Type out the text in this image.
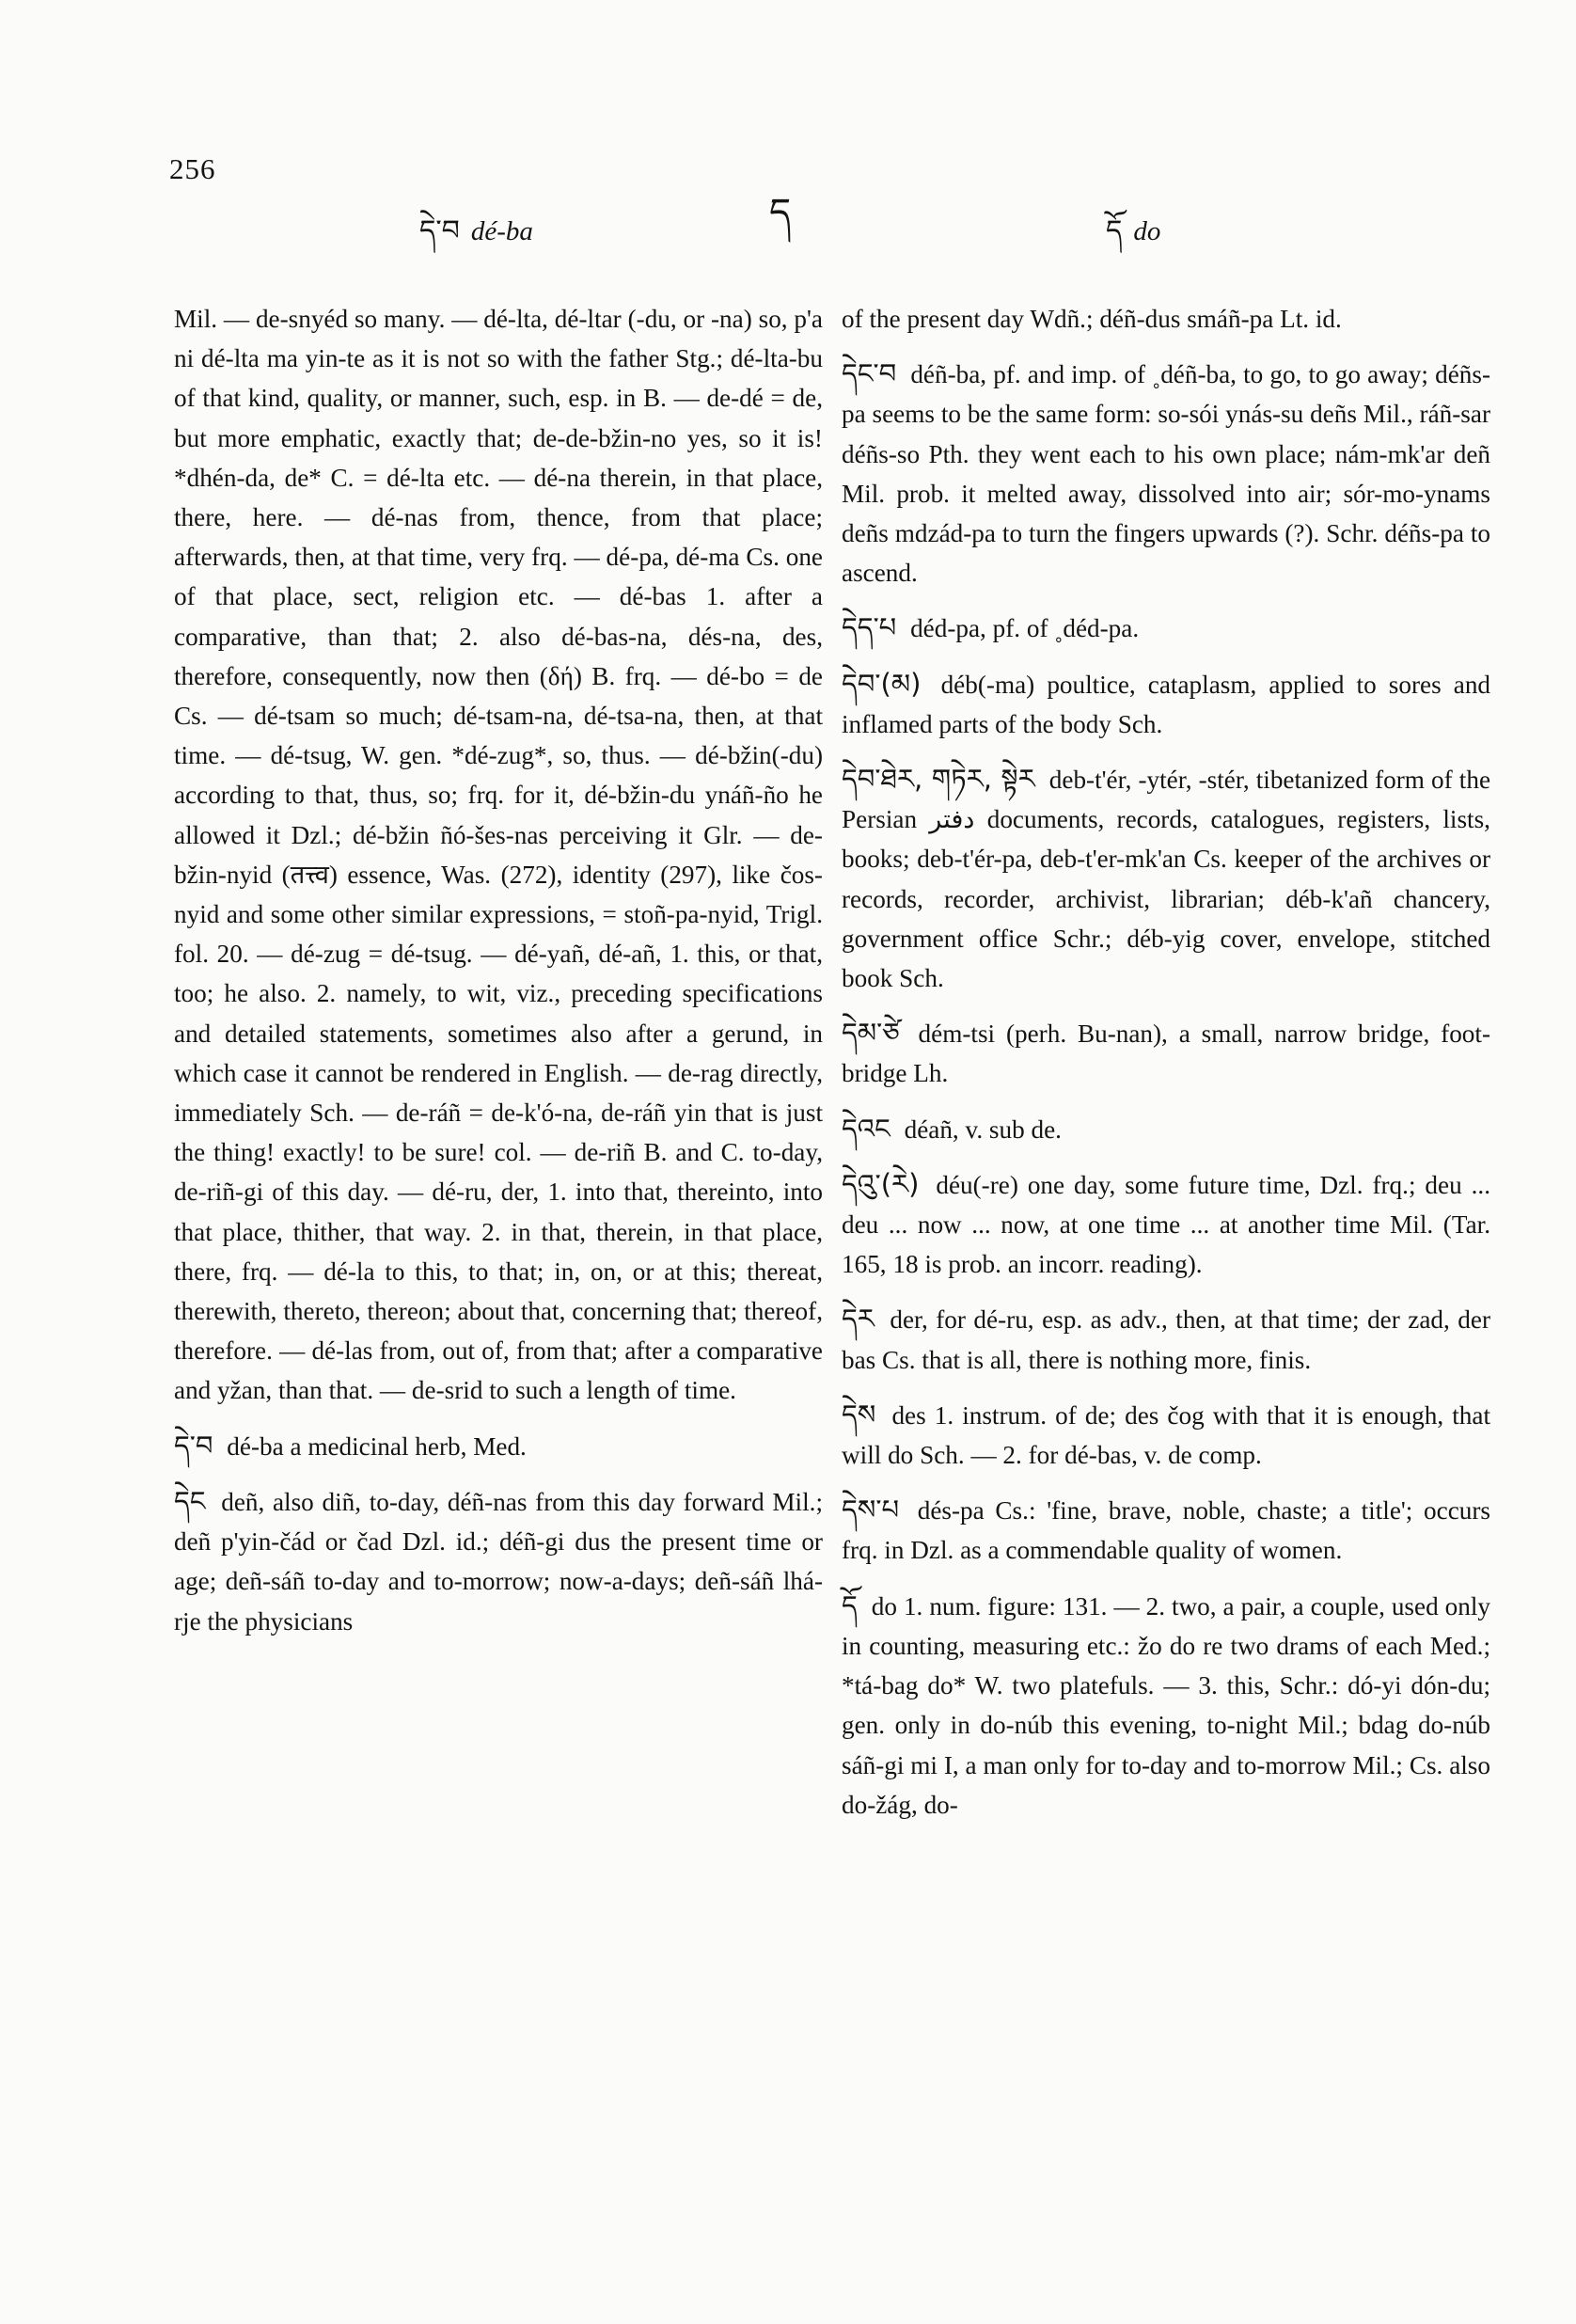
256
དེ་བ dé-ba	ད	དོ do

Mil. — de-snyéd so many. — dé-lta, dé-ltar (-du, or -na) so, p'a ni dé-lta ma yin-te as it is not so with the father Stg.; dé-lta-bu of that kind, quality, or manner, such, esp. in B. — de-dé = de, but more emphatic, exactly that; de-de-bžin-no yes, so it is! *dhén-da, de* C. = dé-lta etc. — dé-na therein, in that place, there, here. — dé-nas from, thence, from that place; afterwards, then, at that time, very frq. — dé-pa, dé-ma Cs. one of that place, sect, religion etc. — dé-bas 1. after a comparative, than that; 2. also dé-bas-na, dés-na, des, therefore, consequently, now then (δή) B. frq. — dé-bo = de Cs. — dé-tsam so much; dé-tsam-na, dé-tsa-na, then, at that time. — dé-tsug, W. gen. *dé-zug*, so, thus. — dé-bžin(-du) according to that, thus, so; frq. for it, dé-bžin-du ynáñ-ño he allowed it Dzl.; dé-bžin ñó-šes-nas perceiving it Glr. — de-bžin-nyid (तत्त्व) essence, Was. (272), identity (297), like čos-nyid and some other similar expressions, = stoñ-pa-nyid, Trigl. fol. 20. — dé-zug = dé-tsug. — dé-yañ, dé-añ, 1. this, or that, too; he also. 2. namely, to wit, viz., preceding specifications and detailed statements, sometimes also after a gerund, in which case it cannot be rendered in English. — de-rag directly, immediately Sch. — de-ráñ = de-k'ó-na, de-ráñ yin that is just the thing! exactly! to be sure! col. — de-riñ B. and C. to-day, de-riñ-gi of this day. — dé-ru, der, 1. into that, thereinto, into that place, thither, that way. 2. in that, therein, in that place, there, frq. — dé-la to this, to that; in, on, or at this; thereat, therewith, thereto, thereon; about that, concerning that; thereof, therefore. — dé-las from, out of, from that; after a comparative and yžan, than that. — de-srid to such a length of time.

དེ་བ dé-ba a medicinal herb, Med.

དེང deñ, also diñ, to-day, déñ-nas from this day forward Mil.; deñ p'yin-čád or čad Dzl. id.; déñ-gi dus the present time or age; deñ-sáñ to-day and to-morrow; now-a-days; deñ-sáñ lhá-rje the physicians

of the present day Wdñ.; déñ-dus smáñ-pa Lt. id.

དེང་བ déñ-ba, pf. and imp. of ˳déñ-ba, to go, to go away; déñs-pa seems to be the same form: so-sói ynás-su deñs Mil., ráñ-sar déñs-so Pth. they went each to his own place; nám-mk'ar deñ Mil. prob. it melted away, dissolved into air; sór-mo-ynams deñs mdzád-pa to turn the fingers upwards (?). Schr. déñs-pa to ascend.

དེད་པ déd-pa, pf. of ˳déd-pa.

དེབ་(མ) déb(-ma) poultice, cataplasm, applied to sores and inflamed parts of the body Sch.

དེབ་ཐེར, གཏེར, སྟེར deb-t'ér, -ytér, -stér, tibetanized form of the Persian دفتر documents, records, catalogues, registers, lists, books; deb-t'ér-pa, deb-t'er-mk'an Cs. keeper of the archives or records, recorder, archivist, librarian; déb-k'añ chancery, government office Schr.; déb-yig cover, envelope, stitched book Sch.

དེམ་ཙེ dém-tsi (perh. Bu-nan), a small, narrow bridge, foot-bridge Lh.

དེའང déañ, v. sub de.

དེའུ་(རེ) déu(-re) one day, some future time, Dzl. frq.; deu ... deu ... now ... now, at one time ... at another time Mil. (Tar. 165, 18 is prob. an incorr. reading).

དེར der, for dé-ru, esp. as adv., then, at that time; der zad, der bas Cs. that is all, there is nothing more, finis.

དེས des 1. instrum. of de; des čog with that it is enough, that will do Sch. — 2. for dé-bas, v. de comp.

དེས་པ dés-pa Cs.: 'fine, brave, noble, chaste; a title'; occurs frq. in Dzl. as a commendable quality of women.

དོ do 1. num. figure: 131. — 2. two, a pair, a couple, used only in counting, measuring etc.: žo do re two drams of each Med.; *tá-bag do* W. two platefuls. — 3. this, Schr.: dó-yi dón-du; gen. only in do-núb this evening, to-night Mil.; bdag do-núb sáñ-gi mi I, a man only for to-day and to-morrow Mil.; Cs. also do-žág, do-
